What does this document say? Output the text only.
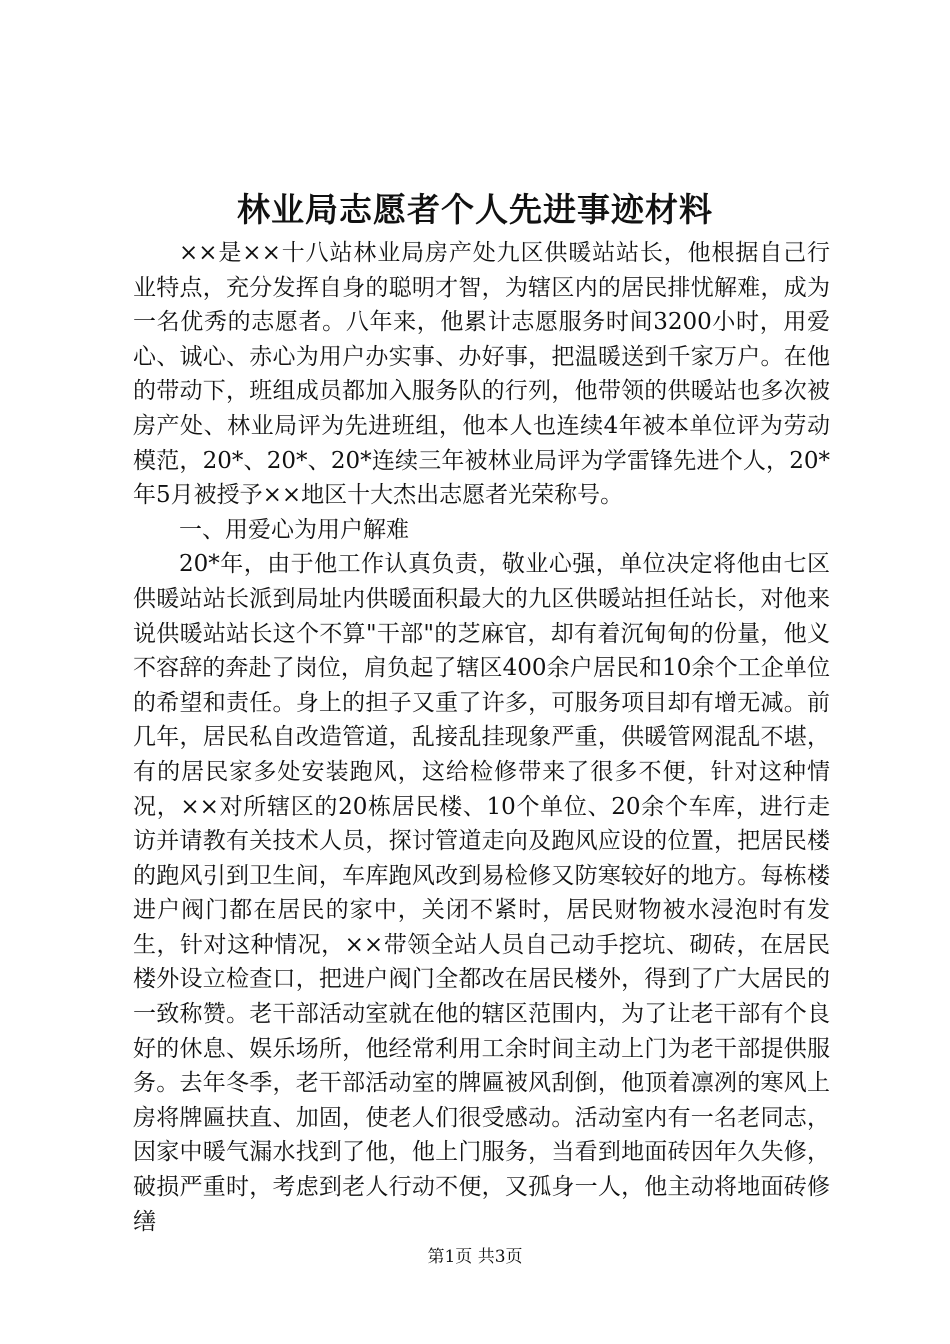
林业局志愿者个人先进事迹材料

××是××十八站林业局房产处九区供暖站站长，他根据自己行业特点，充分发挥自身的聪明才智，为辖区内的居民排忧解难，成为一名优秀的志愿者。八年来，他累计志愿服务时间3200小时，用爱心、诚心、赤心为用户办实事、办好事，把温暖送到千家万户。在他的带动下，班组成员都加入服务队的行列，他带领的供暖站也多次被房产处、林业局评为先进班组，他本人也连续4年被本单位评为劳动模范，20*、20*、20*连续三年被林业局评为学雷锋先进个人，20*年5月被授予××地区十大杰出志愿者光荣称号。

一、用爱心为用户解难

20*年，由于他工作认真负责，敬业心强，单位决定将他由七区供暖站站长派到局址内供暖面积最大的九区供暖站担任站长，对他来说供暖站站长这个不算"干部"的芝麻官，却有着沉甸甸的份量，他义不容辞的奔赴了岗位，肩负起了辖区400余户居民和10余个工企单位的希望和责任。身上的担子又重了许多，可服务项目却有增无减。前几年，居民私自改造管道，乱接乱挂现象严重，供暖管网混乱不堪，有的居民家多处安装跑风，这给检修带来了很多不便，针对这种情况，××对所辖区的20栋居民楼、10个单位、20余个车库，进行走访并请教有关技术人员，探讨管道走向及跑风应设的位置，把居民楼的跑风引到卫生间，车库跑风改到易检修又防寒较好的地方。每栋楼进户阀门都在居民的家中，关闭不紧时，居民财物被水浸泡时有发生，针对这种情况，××带领全站人员自己动手挖坑、砌砖，在居民楼外设立检查口，把进户阀门全都改在居民楼外，得到了广大居民的一致称赞。老干部活动室就在他的辖区范围内，为了让老干部有个良好的休息、娱乐场所，他经常利用工余时间主动上门为老干部提供服务。去年冬季，老干部活动室的牌匾被风刮倒，他顶着凛冽的寒风上房将牌匾扶直、加固，使老人们很受感动。活动室内有一名老同志，因家中暖气漏水找到了他，他上门服务，当看到地面砖因年久失修，破损严重时，考虑到老人行动不便，又孤身一人，他主动将地面砖修缮

第1页 共3页
